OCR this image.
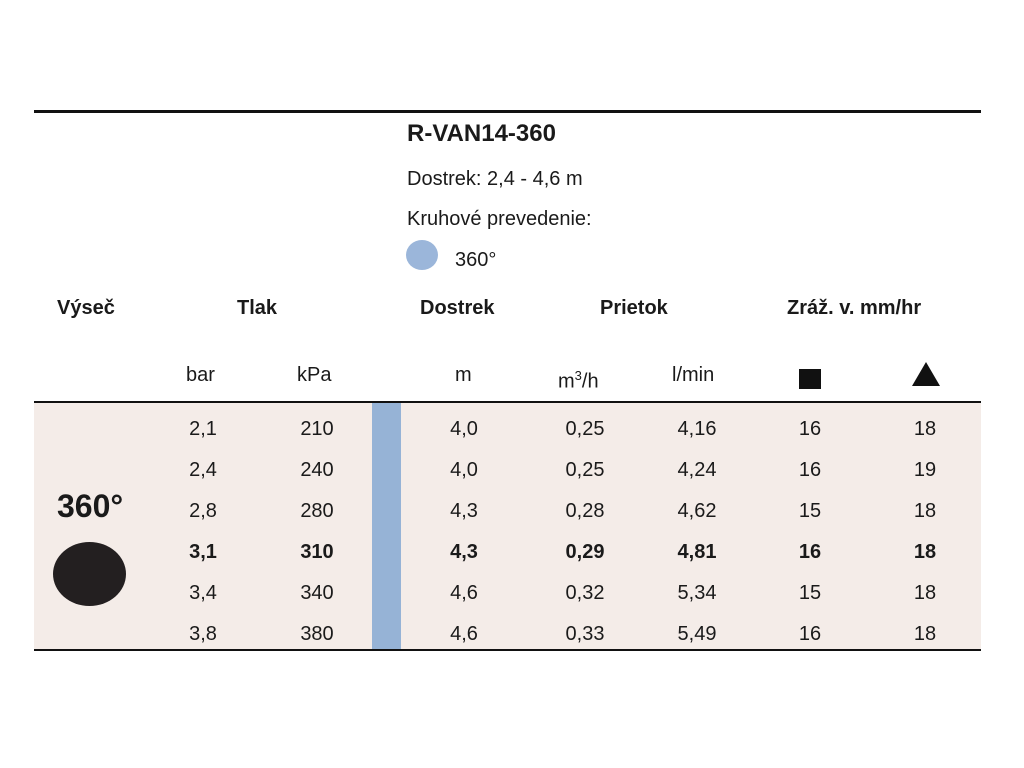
R-VAN14-360
Dostrek: 2,4 - 4,6 m
Kruhové prevedenie:
360°
Výseč	Tlak	Dostrek	Prietok	Zráž. v. mm/hr
bar	kPa	m	$m^3/h$	l/min
360°
2,1	210	4,0	0,25	4,16	16	18
2,4	240	4,0	0,25	4,24	16	19
2,8	280	4,3	0,28	4,62	15	18
3,1	310	4,3	0,29	4,81	16	18
3,4	340	4,6	0,32	5,34	15	18
3,8	380	4,6	0,33	5,49	16	18
